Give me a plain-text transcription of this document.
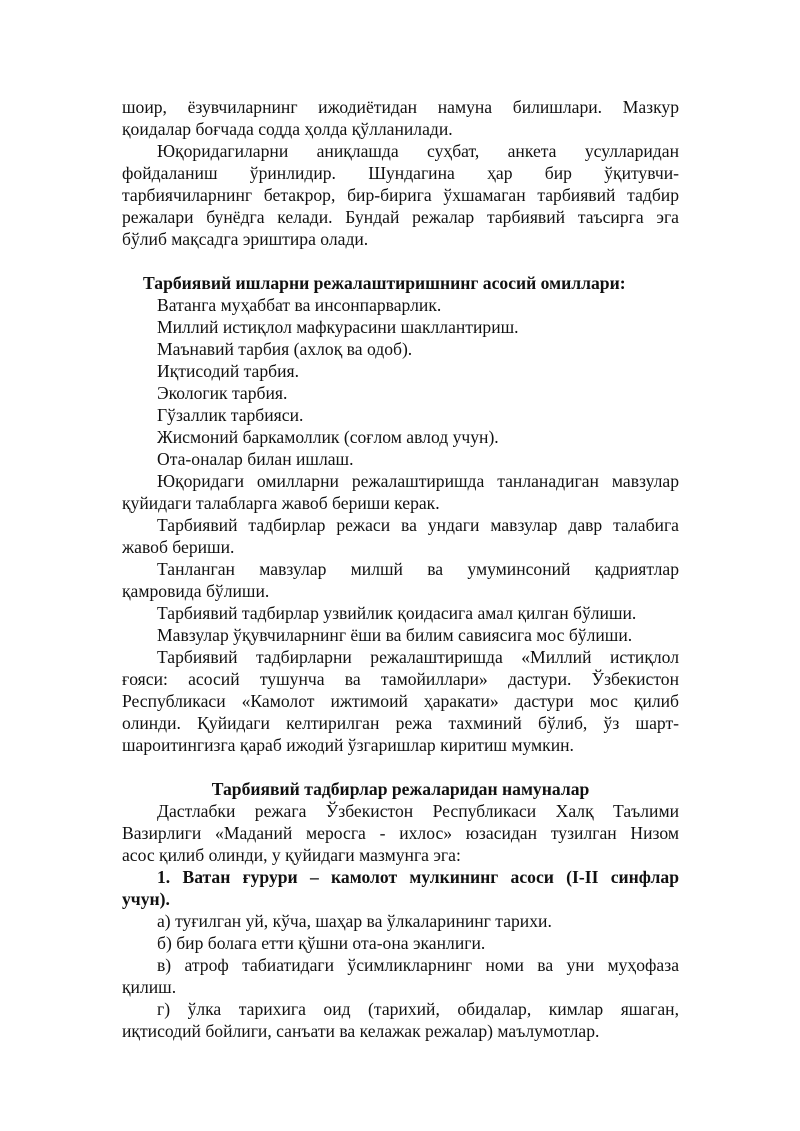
шоир, ёзувчиларнинг ижодиётидан намуна билишлари. Мазкур
қоидалар боғчада содда ҳолда қўлланилади.

Юқоридагиларни аниқлашда суҳбат, анкета усулларидан
фойдаланиш ўринлидир. Шундагина ҳар бир ўқитувчи-
тарбиячиларнинг бетакрор, бир-бирига ўхшамаган тарбиявий тадбир
режалари бунёдга келади. Бундай режалар тарбиявий таъсирга эга
бўлиб мақсадга эриштира олади.

Тарбиявий ишларни режалаштиришнинг асосий омиллари:

Ватанга муҳаббат ва инсонпарварлик.

Миллий истиқлол мафкурасини шакллантириш.

Маънавий тарбия (ахлоқ ва одоб).

Иқтисодий тарбия.

Экологик тарбия.

Гўзаллик тарбияси.

Жисмоний баркамоллик (соғлом авлод учун).

Ота-оналар билан ишлаш.

Юқоридаги омилларни режалаштиришда танланадиган мавзулар
қуйидаги талабларга жавоб бериши керак.

Тарбиявий тадбирлар режаси ва ундаги мавзулар давр талабига
жавоб бериши.

Танланган мавзулар милшй ва умуминсоний қадриятлар
қамровида бўлиши.

Тарбиявий тадбирлар узвийлик қоидасига амал қилган бўлиши.

Мавзулар ўқувчиларнинг ёши ва билим савиясига мос бўлиши.

Тарбиявий тадбирларни режалаштиришда «Миллий истиқлол
ғояси: асосий тушунча ва тамойиллари» дастури. Ўзбекистон
Республикаси «Камолот ижтимоий ҳаракати» дастури мос қилиб
олинди. Қуйидаги келтирилган режа тахминий бўлиб, ўз шарт-
шароитингизга қараб ижодий ўзгаришлар киритиш мумкин.

Тарбиявий тадбирлар режаларидан намуналар

Дастлабки режага Ўзбекистон Республикаси Халқ Таълими
Вазирлиги «Маданий меросга - ихлос» юзасидан тузилган Низом
асос қилиб олинди, у қуйидаги мазмунга эга:

1. Ватан ғурури – камолот мулкининг асоси (I-II синфлар
учун).

а) туғилган уй, кўча, шаҳар ва ўлкаларининг тарихи.

б) бир болага етти қўшни ота-она эканлиги.

в) атроф табиатидаги ўсимликларнинг номи ва уни муҳофаза
қилиш.

г) ўлка тарихига оид (тарихий, обидалар, кимлар яшаган,
иқтисодий бойлиги, санъати ва келажак режалар) маълумотлар.
